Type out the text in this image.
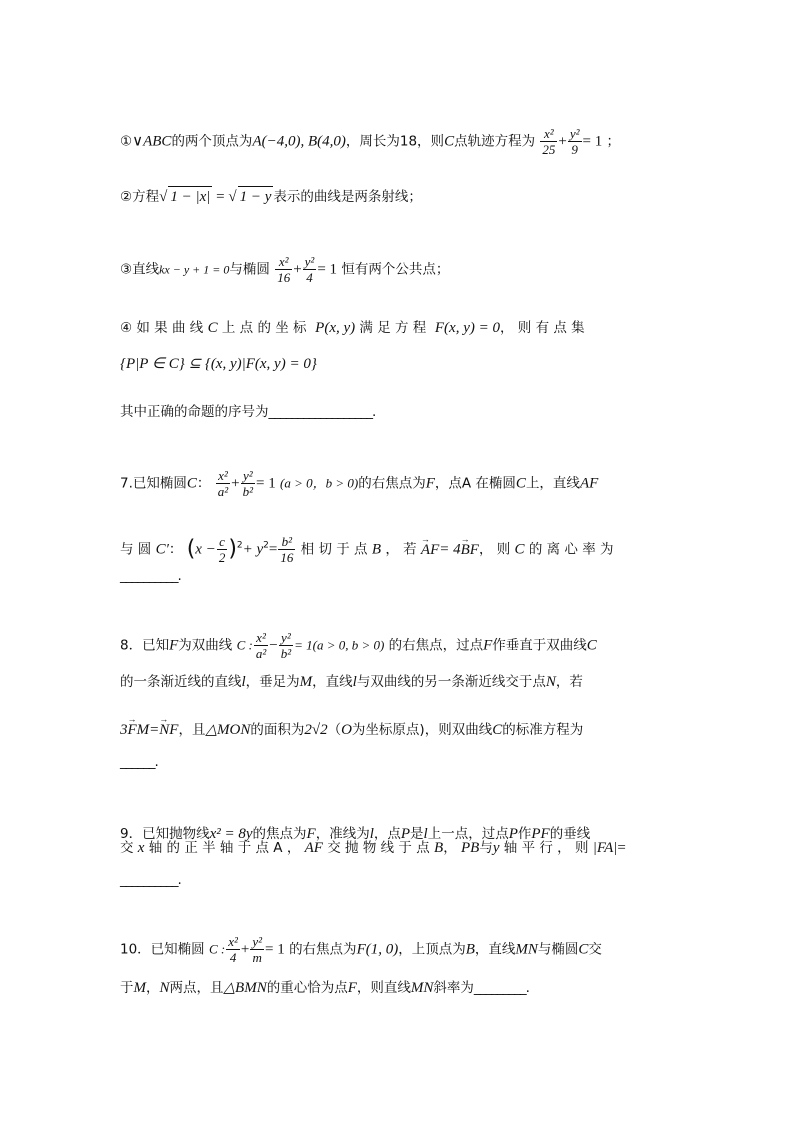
①∨ABC的两个顶点为A(−4,0), B(4,0)，周长为18，则C点轨迹方程为 $\frac{\text{x²}}{25} + \frac{\text{y²}}{9} = 1$ ；
②方程√ 1 − |x| = √ 1 − y 表示的曲线是两条射线；
③直线kx − y + 1 = 0与椭圆 $\frac{\text{x²}}{16} + \frac{\text{y²}}{4} = 1$ 恒有两个公共点；
④ 如 果 曲 线 C 上 点 的 坐 标 P(x, y) 满 足 方 程 F(x, y) = 0， 则 有 点 集
{P|P ∈ C} ⊆ {(x, y)|F(x, y) = 0}
其中正确的命题的序号为__________________.
7.已知椭圆C： $\frac{\text{x²}}{\text{a²}} + \frac{\text{y²}}{\text{b²}} = 1$ (a > 0，b > 0)的右焦点为F，点A 在椭圆C上，直线AF
与 圆 C′： $(x - \frac{c}{2} )^2+ y^2= \frac{\text{b²}}{16}$ 相 切 于 点 B ， 若 → AF= 4→ BF， 则 C 的 离 心 率 为
__________.
8．已知F为双曲线 C : $\frac{\text{x²}}{\text{a²}} - \frac{\text{y²}}{\text{b²}} = 1(a > 0$, b > 0) 的右焦点，过点F作垂直于双曲线C
的一条渐近线的直线l，垂足为M，直线l与双曲线的另一条渐近线交于点N，若
3→ FM=→ NF，且△MON的面积为2√2（O为坐标原点)，则双曲线C的标准方程为
______.
9．已知抛物线x² = 8y的焦点为F，准线为l，点P是l上一点，过点P作PF的垂线
交 x 轴 的 正 半 轴 于 点 A ， AF 交 抛 物 线 于 点 B， PB与y 轴 平 行 ， 则 |FA|=
__________.
10．已知椭圆 C : $\frac{\text{x²}}{4} + \frac{\text{y²}}{m} = 1$ 的右焦点为F(1, 0)，上顶点为B，直线MN与椭圆C交
于M，N两点，且△BMN的重心恰为点F，则直线MN斜率为_________.
